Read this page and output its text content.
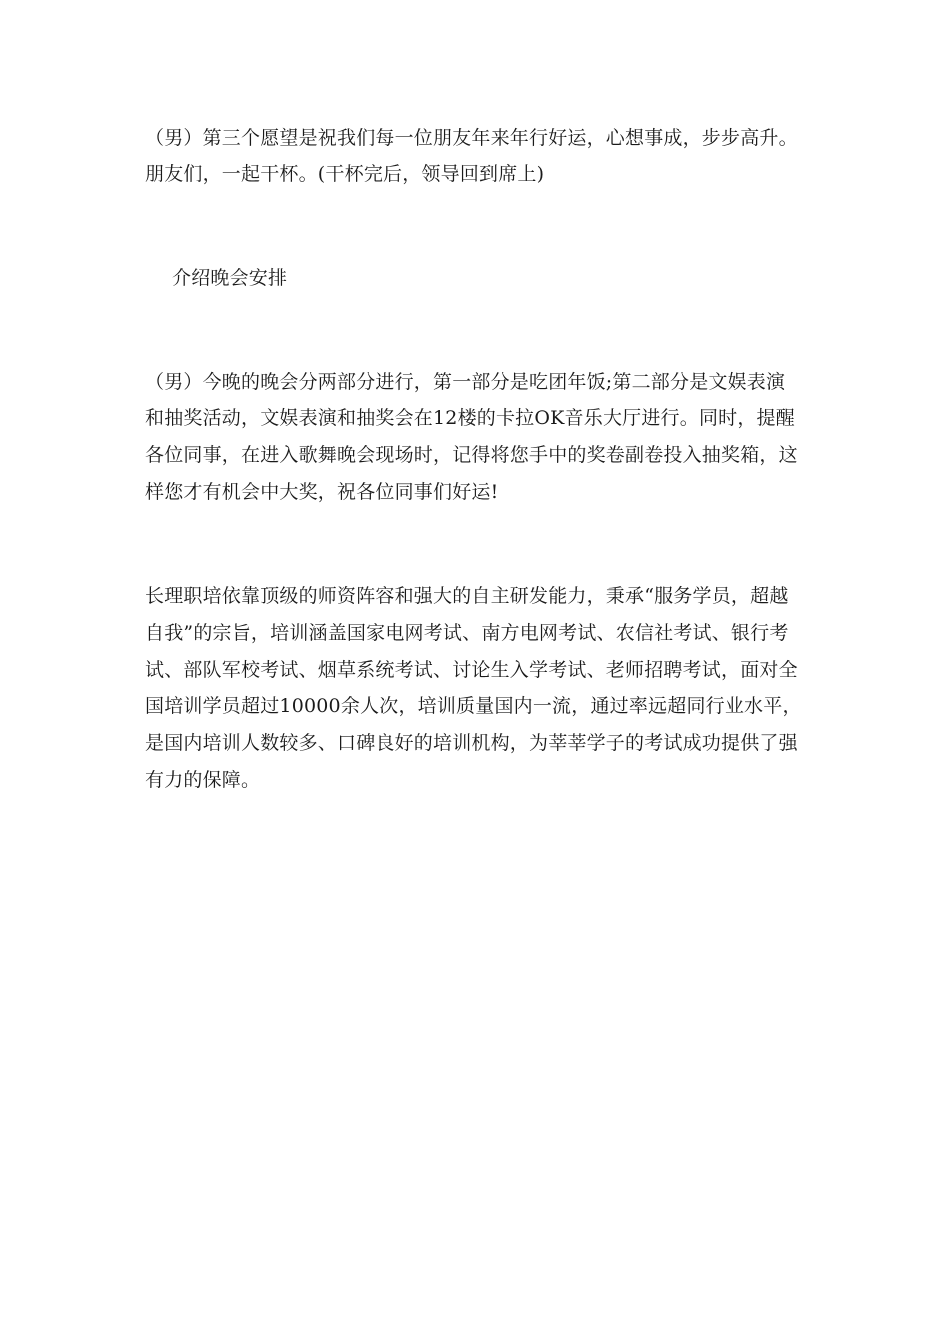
（男）第三个愿望是祝我们每一位朋友年来年行好运，心想事成，步步高升。
朋友们，一起干杯。(干杯完后，领导回到席上)
介绍晚会安排
（男）今晚的晚会分两部分进行，第一部分是吃团年饭;第二部分是文娱表演
和抽奖活动，文娱表演和抽奖会在12楼的卡拉OK音乐大厅进行。同时，提醒
各位同事，在进入歌舞晚会现场时，记得将您手中的奖卷副卷投入抽奖箱，这
样您才有机会中大奖，祝各位同事们好运!
长理职培依靠顶级的师资阵容和强大的自主研发能力，秉承“服务学员，超越
自我”的宗旨，培训涵盖国家电网考试、南方电网考试、农信社考试、银行考
试、部队军校考试、烟草系统考试、讨论生入学考试、老师招聘考试，面对全
国培训学员超过10000余人次，培训质量国内一流，通过率远超同行业水平，
是国内培训人数较多、口碑良好的培训机构，为莘莘学子的考试成功提供了强
有力的保障。
